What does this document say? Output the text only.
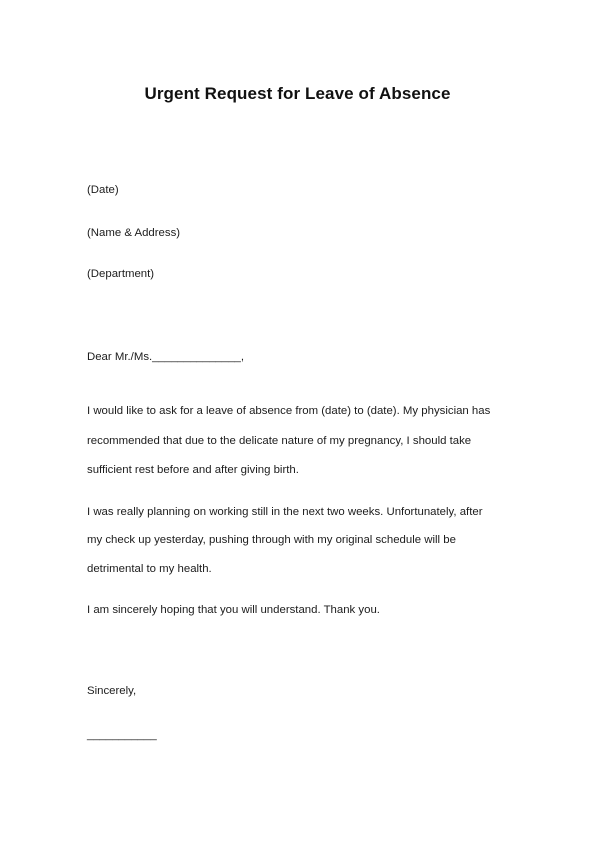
Urgent Request for Leave of Absence
(Date)
(Name & Address)
(Department)
Dear Mr./Ms.______________,
I would like to ask for a leave of absence from (date) to (date). My physician has
recommended that due to the delicate nature of my pregnancy, I should take
sufficient rest before and after giving birth.
I was really planning on working still in the next two weeks. Unfortunately, after
my check up yesterday, pushing through with my original schedule will be
detrimental to my health.
I am sincerely hoping that you will understand. Thank you.
Sincerely,
___________
